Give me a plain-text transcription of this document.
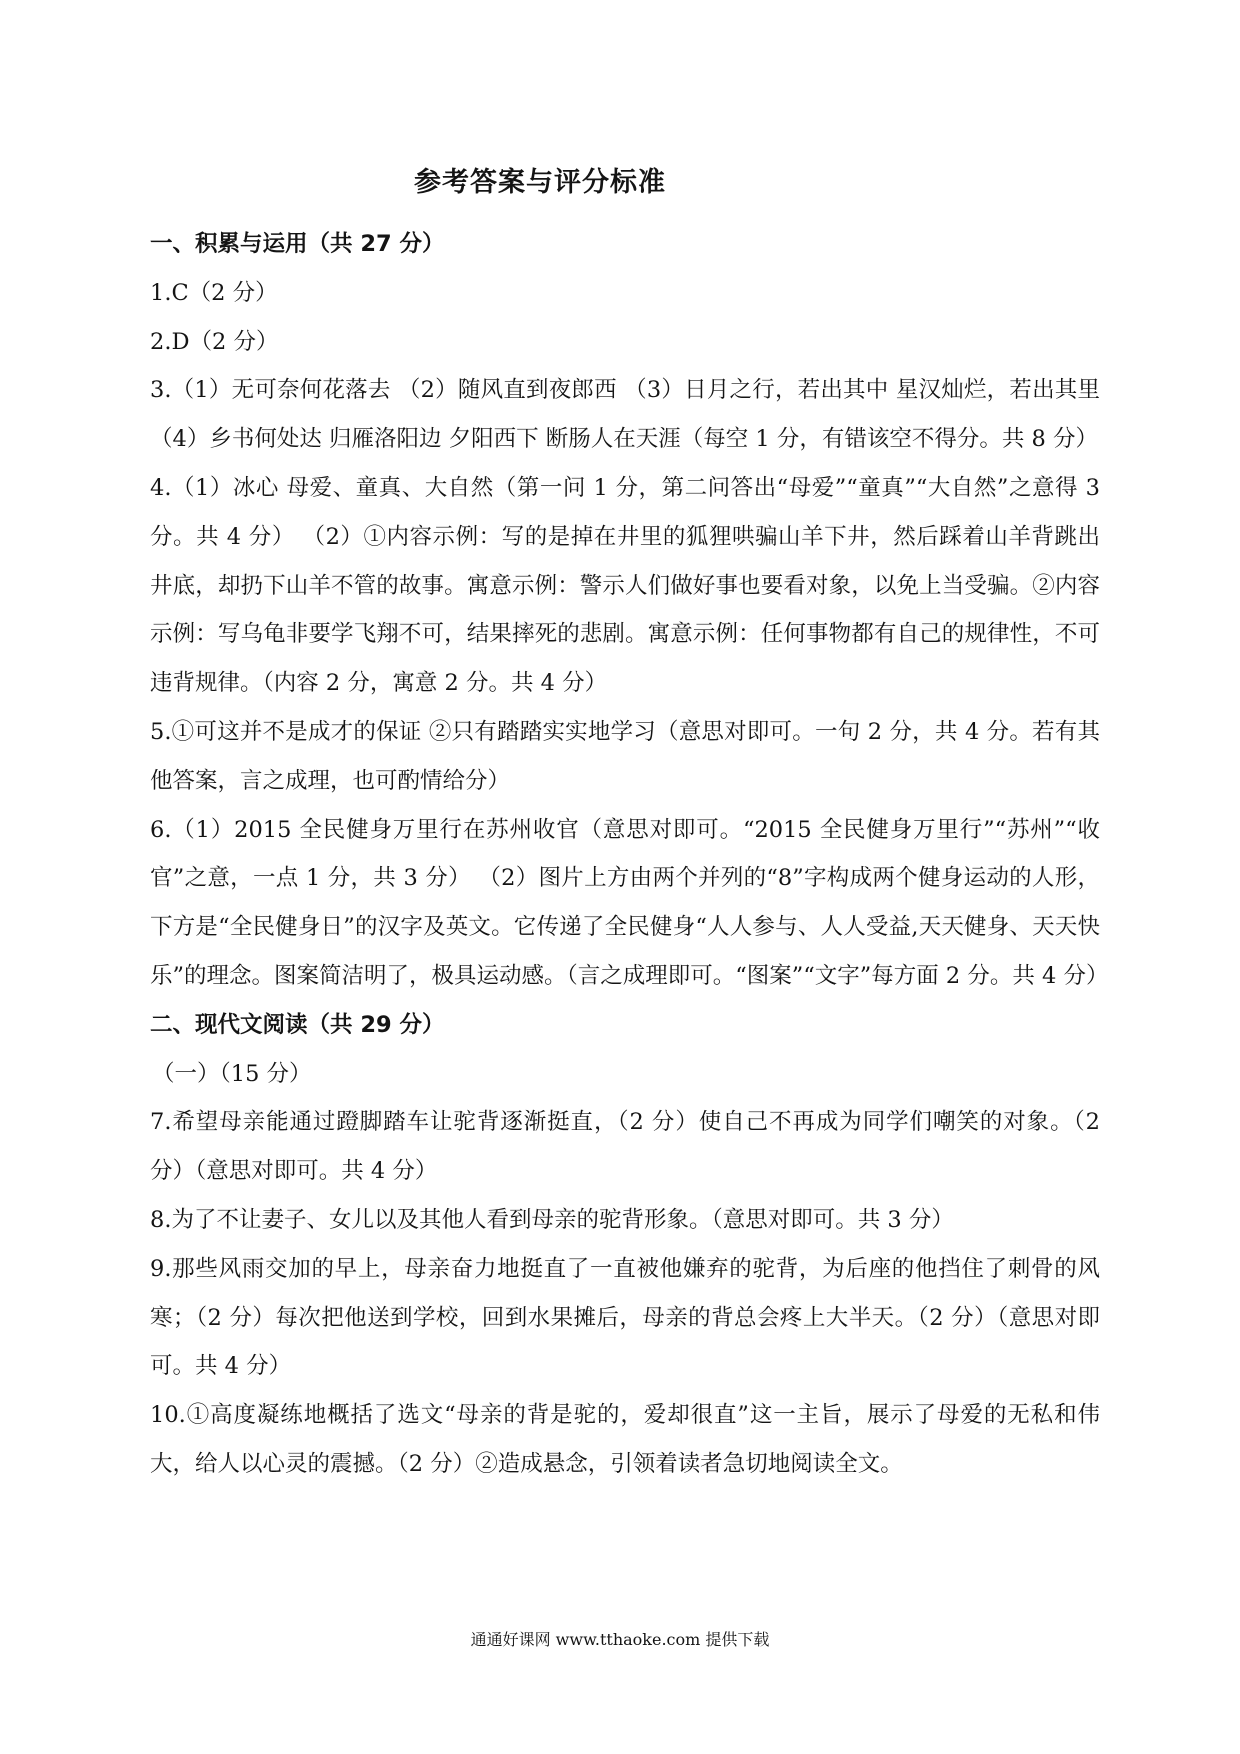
参考答案与评分标准

一、积累与运用（共 27 分）

1.C（2 分）

2.D（2 分）

3.（1）无可奈何花落去 （2）随风直到夜郎西 （3）日月之行，若出其中 星汉灿烂，若出其里 （4）乡书何处达 归雁洛阳边 夕阳西下 断肠人在天涯（每空 1 分，有错该空不得分。共 8 分）

4.（1）冰心 母爱、童真、大自然（第一问 1 分，第二问答出“母爱”“童真”“大自然”之意得 3 分。共 4 分） （2）①内容示例：写的是掉在井里的狐狸哄骗山羊下井，然后踩着山羊背跳出井底，却扔下山羊不管的故事。寓意示例：警示人们做好事也要看对象，以免上当受骗。②内容示例：写乌龟非要学飞翔不可，结果摔死的悲剧。寓意示例：任何事物都有自己的规律性，不可违背规律。（内容 2 分，寓意 2 分。共 4 分）

5.①可这并不是成才的保证 ②只有踏踏实实地学习（意思对即可。一句 2 分，共 4 分。若有其他答案，言之成理，也可酌情给分）

6.（1）2015 全民健身万里行在苏州收官（意思对即可。“2015 全民健身万里行”“苏州”“收官”之意，一点 1 分，共 3 分） （2）图片上方由两个并列的“8”字构成两个健身运动的人形，下方是“全民健身日”的汉字及英文。它传递了全民健身“人人参与、人人受益,天天健身、天天快乐”的理念。图案简洁明了，极具运动感。（言之成理即可。“图案”“文字”每方面 2 分。共 4 分）

二、现代文阅读（共 29 分）

（一）（15 分）

7.希望母亲能通过蹬脚踏车让驼背逐渐挺直，（2 分）使自己不再成为同学们嘲笑的对象。（2 分）（意思对即可。共 4 分）

8.为了不让妻子、女儿以及其他人看到母亲的驼背形象。（意思对即可。共 3 分）

9.那些风雨交加的早上，母亲奋力地挺直了一直被他嫌弃的驼背，为后座的他挡住了刺骨的风寒；（2 分）每次把他送到学校，回到水果摊后，母亲的背总会疼上大半天。（2 分）（意思对即可。共 4 分）

10.①高度凝练地概括了选文“母亲的背是驼的，爱却很直”这一主旨，展示了母爱的无私和伟大，给人以心灵的震撼。（2 分）②造成悬念，引领着读者急切地阅读全文。

通通好课网 www.tthaoke.com 提供下载
